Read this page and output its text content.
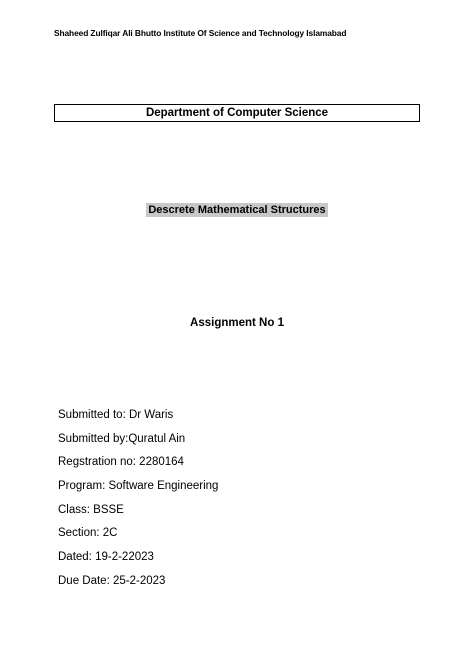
Shaheed Zulfiqar Ali Bhutto Institute Of Science and Technology Islamabad
Department of Computer Science
Descrete Mathematical Structures
Assignment No 1
Submitted to: Dr Waris
Submitted by:Quratul Ain
Regstration no: 2280164
Program: Software Engineering
Class: BSSE
Section: 2C
Dated: 19-2-22023
Due Date: 25-2-2023
